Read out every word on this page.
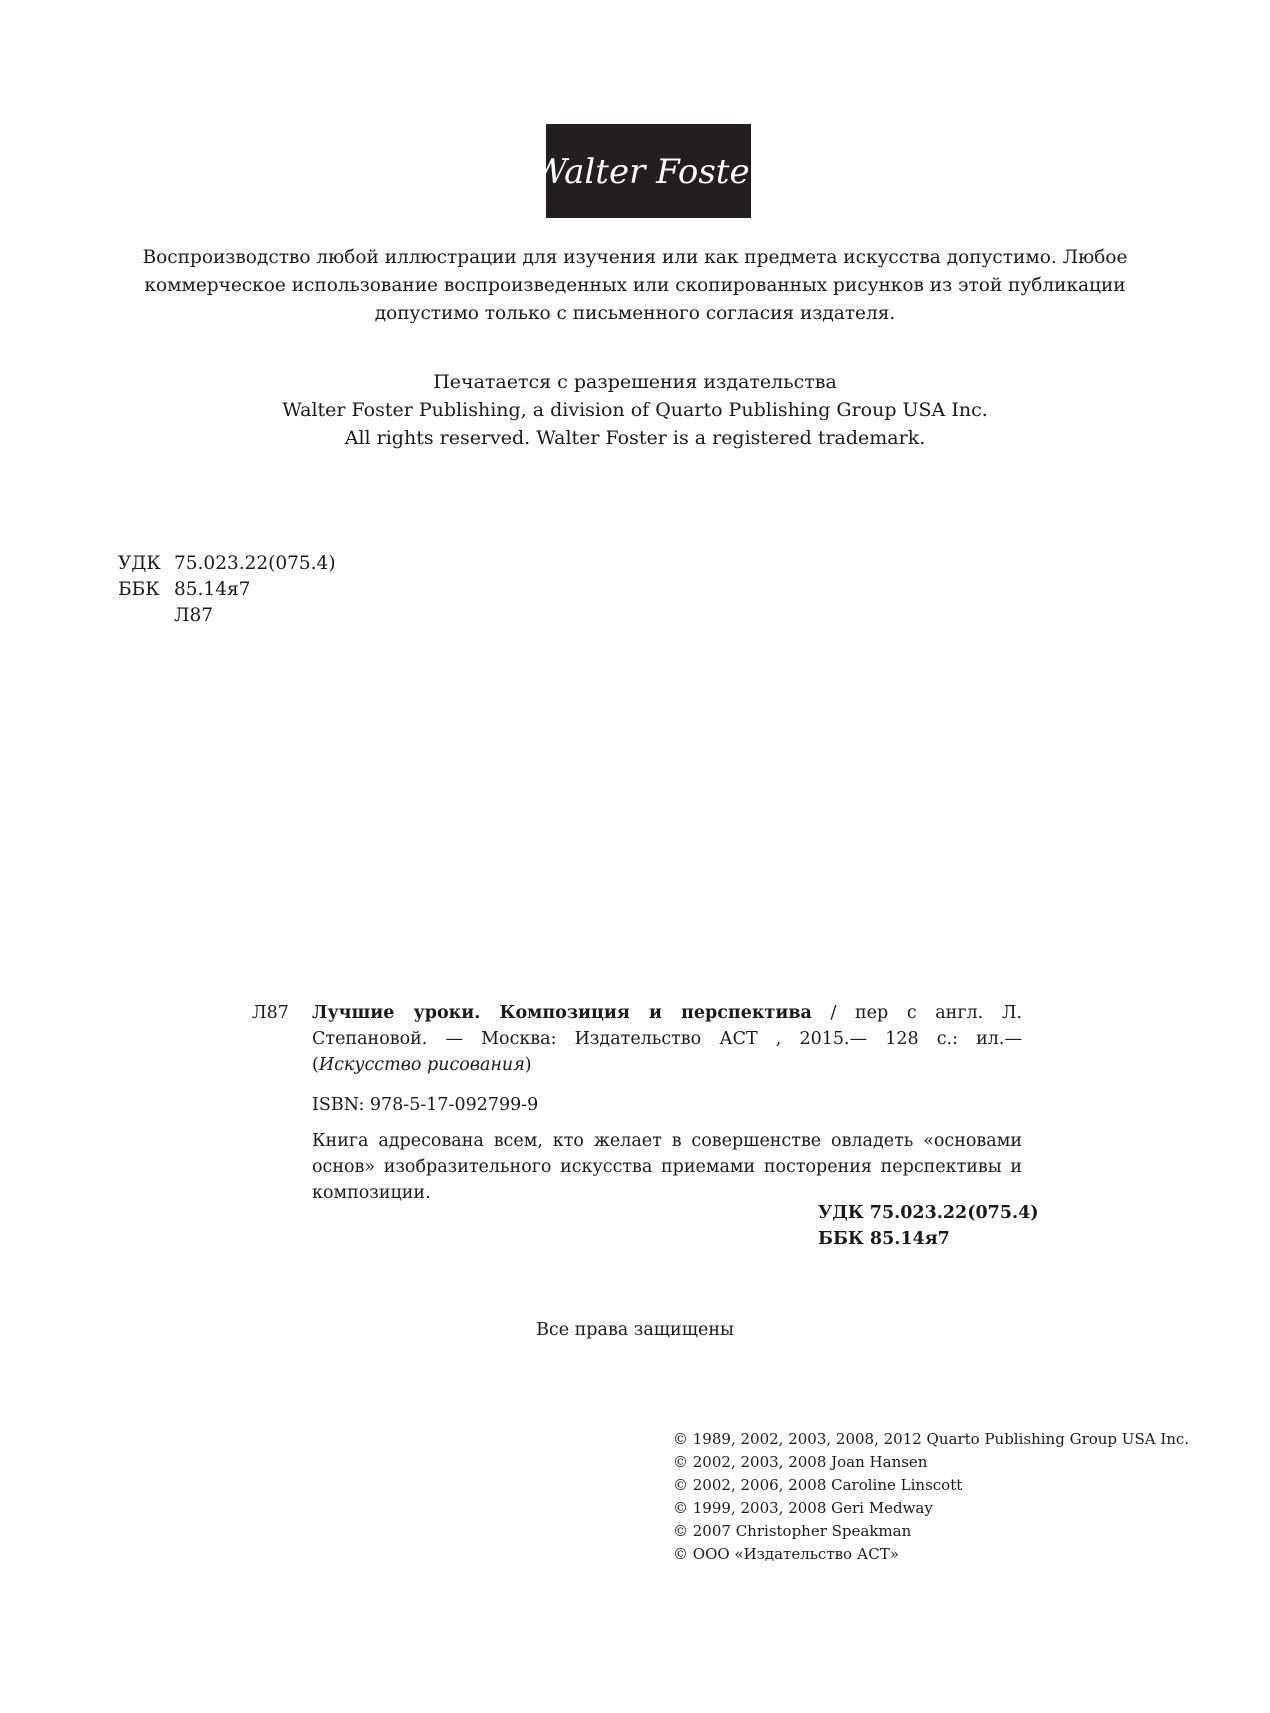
Walter Foster
Воспроизводство любой иллюстрации для изучения или как предмета искусства допустимо. Любое
коммерческое использование воспроизведенных или скопированных рисунков из этой публикации
допустимо только с письменного согласия издателя.
Печатается с разрешения издательства
Walter Foster Publishing, a division of Quarto Publishing Group USA Inc.
All rights reserved. Walter Foster is a registered trademark.
УДК 75.023.22(075.4)
ББК 85.14я7
Л87
Л87	Лучшие уроки. Композиция и перспектива / пер с англ. Л. Степановой. — Москва: Издательство АСТ , 2015.— 128 с.: ил.— (Искусство рисования)
ISBN: 978-5-17-092799-9
Книга адресована всем, кто желает в совершенстве овладеть «основами основ» изобразительного искусства приемами посторения перспективы и композиции.
УДК 75.023.22(075.4)
ББК 85.14я7
Все права защищены
© 1989, 2002, 2003, 2008, 2012 Quarto Publishing Group USA Inc.
© 2002, 2003, 2008 Joan Hansen
© 2002, 2006, 2008 Caroline Linscott
© 1999, 2003, 2008 Geri Medway
© 2007 Christopher Speakman
© ООО «Издательство АСТ»
